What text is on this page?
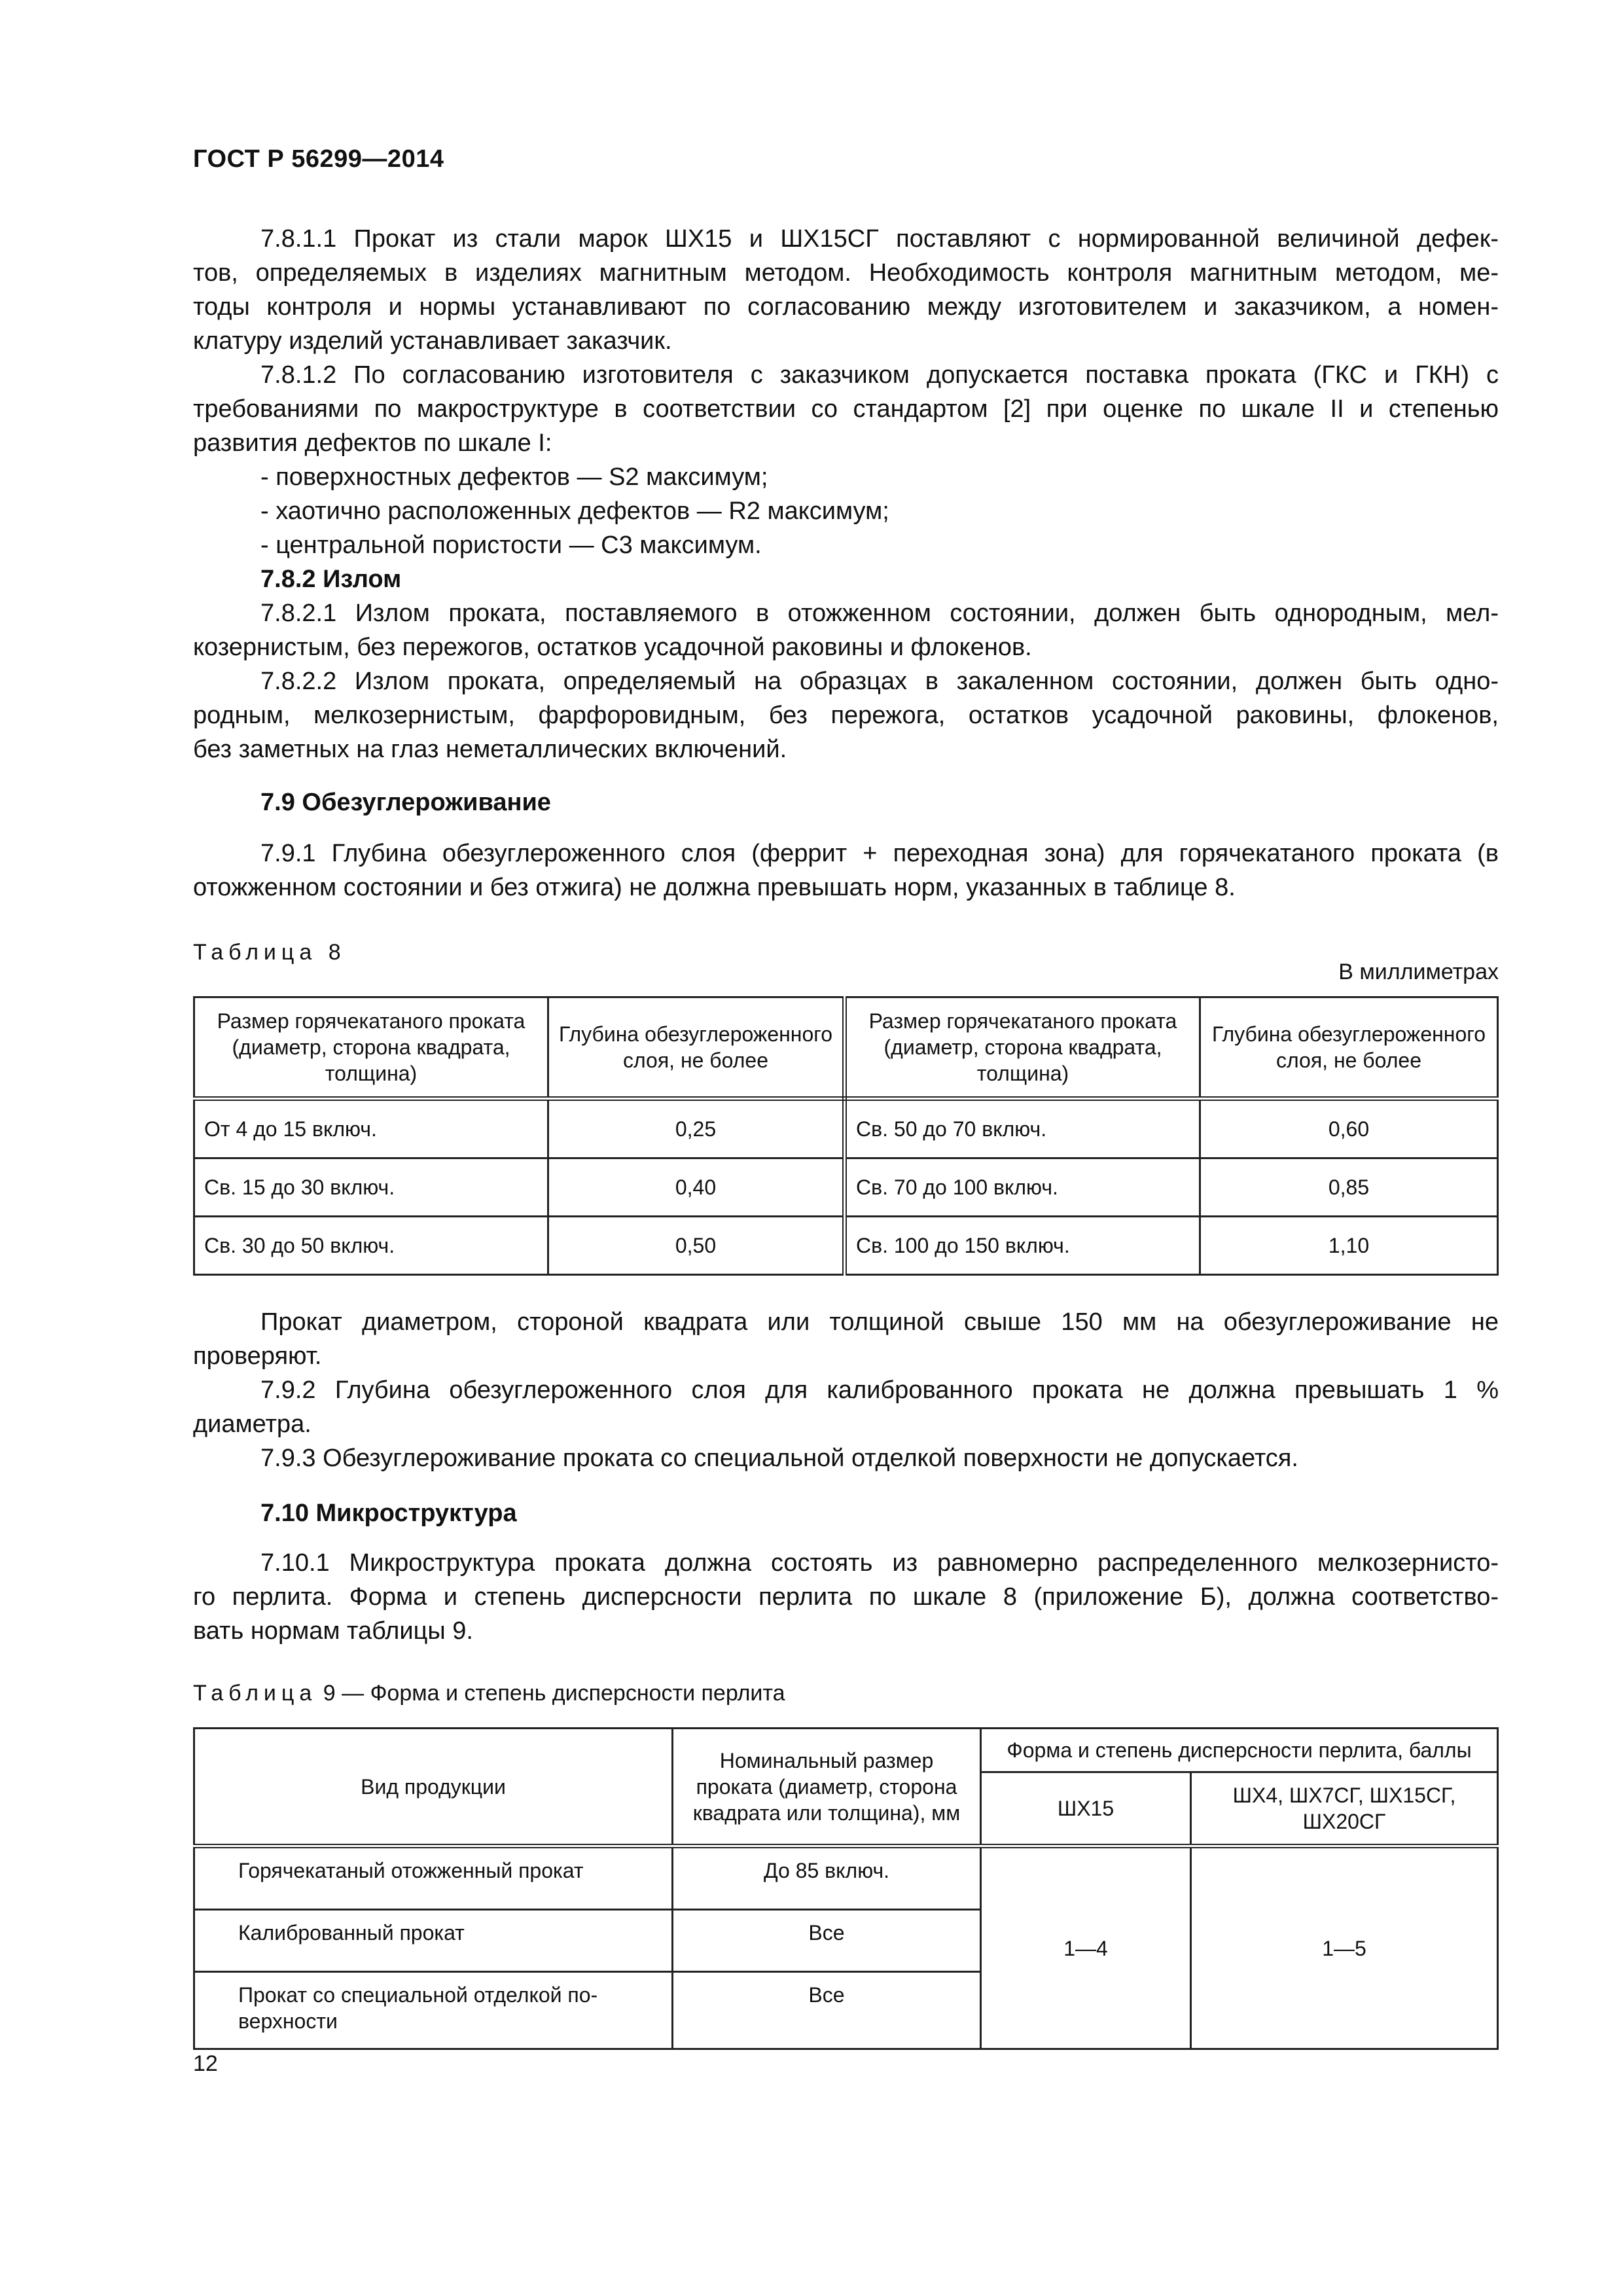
ГОСТ Р 56299—2014
7.8.1.1 Прокат из стали марок ШХ15 и ШХ15СГ поставляют с нормированной величиной дефек-
тов, определяемых в изделиях магнитным методом. Необходимость контроля магнитным методом, ме-
тоды контроля и нормы устанавливают по согласованию между изготовителем и заказчиком, а номен-
клатуру изделий устанавливает заказчик.
7.8.1.2 По согласованию изготовителя с заказчиком допускается поставка проката (ГКС и ГКН) с
требованиями по макроструктуре в соответствии со стандартом [2] при оценке по шкале II и степенью
развития дефектов по шкале I:
- поверхностных дефектов — S2 максимум;
- хаотично расположенных дефектов — R2 максимум;
- центральной пористости — С3 максимум.
7.8.2 Излом
7.8.2.1 Излом проката, поставляемого в отожженном состоянии, должен быть однородным, мел-
козернистым, без пережогов, остатков усадочной раковины и флокенов.
7.8.2.2 Излом проката, определяемый на образцах в закаленном состоянии, должен быть одно-
родным, мелкозернистым, фарфоровидным, без пережога, остатков усадочной раковины, флокенов,
без заметных на глаз неметаллических включений.
7.9 Обезуглероживание
7.9.1 Глубина обезуглероженного слоя (феррит + переходная зона) для горячекатаного проката (в
отожженном состоянии и без отжига) не должна превышать норм, указанных в таблице 8.
Таблица 8
В миллиметрах
Размер горячекатаного проката (диаметр, сторона квадрата, толщина)	Глубина обезуглероженного слоя, не более	Размер горячекатаного проката (диаметр, сторона квадрата, толщина)	Глубина обезуглероженного слоя, не более
От 4 до 15 включ.	0,25	Св. 50 до 70 включ.	0,60
Св. 15 до 30 включ.	0,40	Св. 70 до 100 включ.	0,85
Св. 30 до 50 включ.	0,50	Св. 100 до 150 включ.	1,10
Прокат диаметром, стороной квадрата или толщиной свыше 150 мм на обезуглероживание не
проверяют.
7.9.2 Глубина обезуглероженного слоя для калиброванного проката не должна превышать 1 %
диаметра.
7.9.3 Обезуглероживание проката со специальной отделкой поверхности не допускается.
7.10 Микроструктура
7.10.1 Микроструктура проката должна состоять из равномерно распределенного мелкозернисто-
го перлита. Форма и степень дисперсности перлита по шкале 8 (приложение Б), должна соответство-
вать нормам таблицы 9.
Таблица 9 — Форма и степень дисперсности перлита
Вид продукции	Номинальный размер проката (диаметр, сторона квадрата или толщина), мм	Форма и степень дисперсности перлита, баллы	
		ШХ15	ШХ4, ШХ7СГ, ШХ15СГ, ШХ20СГ
Горячекатаный отожженный прокат	До 85 включ.	1—4	1—5
Калиброванный прокат	Все		
Прокат со специальной отделкой по-верхности	Все		
12
